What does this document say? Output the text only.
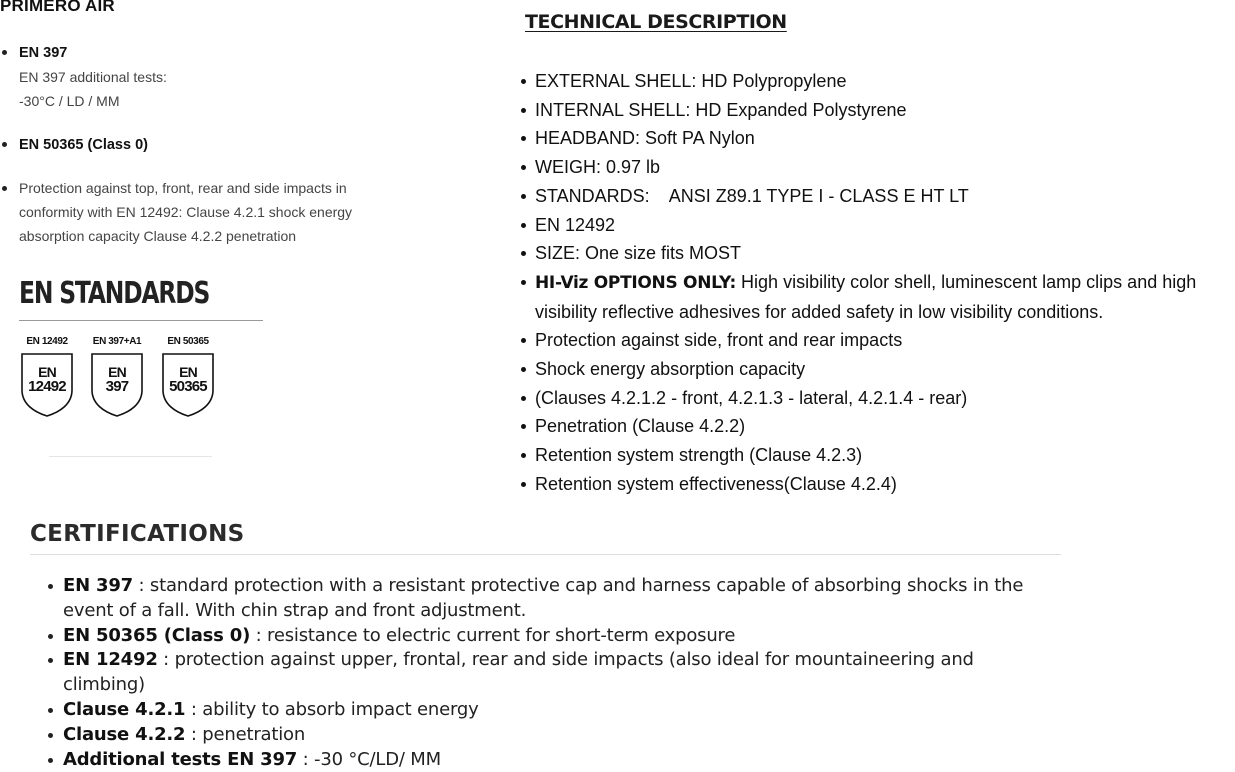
PRIMERO AIR
EN 397
EN 397 additional tests:
-30°C / LD / MM
EN 50365 (Class 0)
Protection against top, front, rear and side impacts in conformity with EN 12492: Clause 4.2.1 shock energy absorption capacity Clause 4.2.2 penetration
EN STANDARDS
EN 12492
EN
12492
EN 397+A1
EN
397
EN 50365
EN
50365
TECHNICAL DESCRIPTION
EXTERNAL SHELL: HD Polypropylene
INTERNAL SHELL: HD Expanded Polystyrene
HEADBAND: Soft PA Nylon
WEIGH: 0.97 lb
STANDARDS:    ANSI Z89.1 TYPE I - CLASS E HT LT
EN 12492
SIZE: One size fits MOST
HI-Viz OPTIONS ONLY: High visibility color shell, luminescent lamp clips and high visibility reflective adhesives for added safety in low visibility conditions.
Protection against side, front and rear impacts
Shock energy absorption capacity
(Clauses 4.2.1.2 - front, 4.2.1.3 - lateral, 4.2.1.4 - rear)
Penetration (Clause 4.2.2)
Retention system strength (Clause 4.2.3)
Retention system effectiveness(Clause 4.2.4)
CERTIFICATIONS
EN 397 : standard protection with a resistant protective cap and harness capable of absorbing shocks in the event of a fall. With chin strap and front adjustment.
EN 50365 (Class 0) : resistance to electric current for short-term exposure
EN 12492 : protection against upper, frontal, rear and side impacts (also ideal for mountaineering and climbing)
Clause 4.2.1 : ability to absorb impact energy
Clause 4.2.2 : penetration
Additional tests EN 397 : -30 °C/LD/ MM
